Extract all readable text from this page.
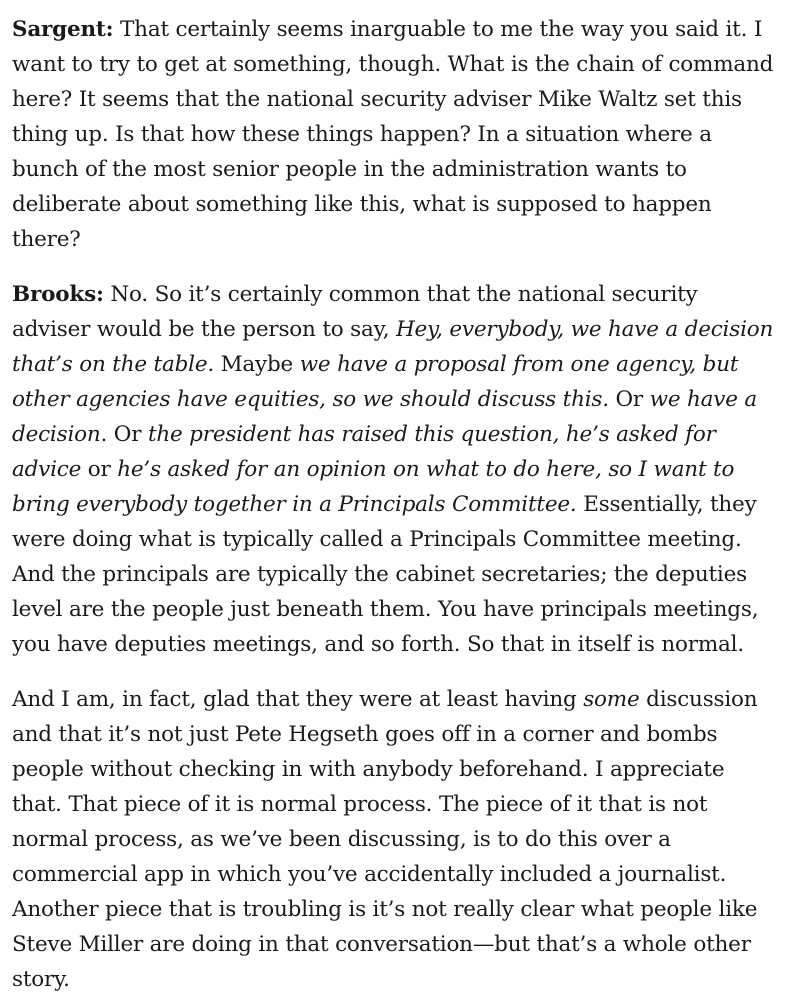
Sargent: That certainly seems inarguable to me the way you said it. I want to try to get at something, though. What is the chain of command here? It seems that the national security adviser Mike Waltz set this thing up. Is that how these things happen? In a situation where a bunch of the most senior people in the administration wants to deliberate about something like this, what is supposed to happen there?

Brooks: No. So it’s certainly common that the national security adviser would be the person to say, Hey, everybody, we have a decision that’s on the table. Maybe we have a proposal from one agency, but other agencies have equities, so we should discuss this. Or we have a decision. Or the president has raised this question, he’s asked for advice or he’s asked for an opinion on what to do here, so I want to bring everybody together in a Principals Committee. Essentially, they were doing what is typically called a Principals Committee meeting. And the principals are typically the cabinet secretaries; the deputies level are the people just beneath them. You have principals meetings, you have deputies meetings, and so forth. So that in itself is normal.

And I am, in fact, glad that they were at least having some discussion and that it’s not just Pete Hegseth goes off in a corner and bombs people without checking in with anybody beforehand. I appreciate that. That piece of it is normal process. The piece of it that is not normal process, as we’ve been discussing, is to do this over a commercial app in which you’ve accidentally included a journalist. Another piece that is troubling is it’s not really clear what people like Steve Miller are doing in that conversation—but that’s a whole other story.
